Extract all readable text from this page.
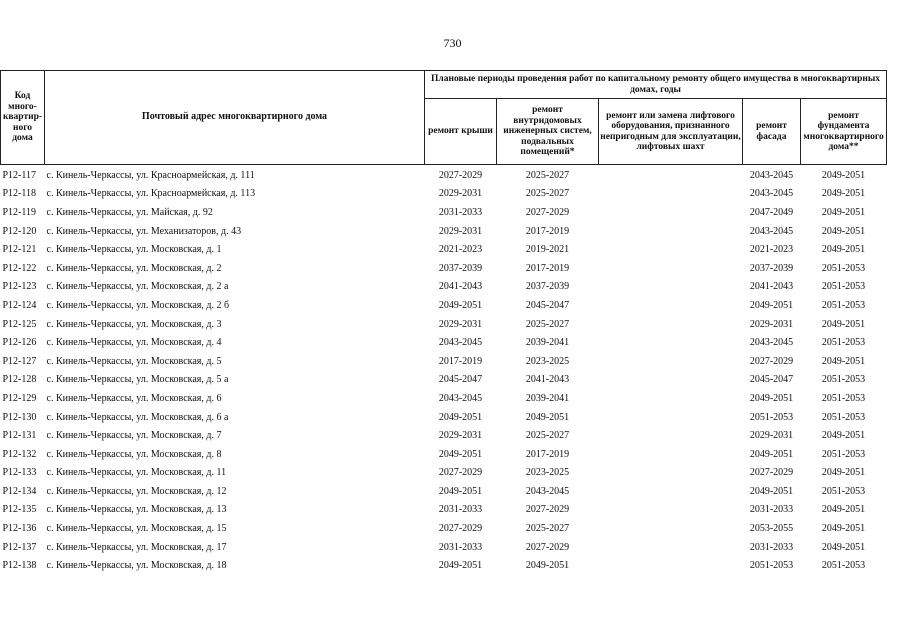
730
Код много-квартир-ного дома	Почтовый адрес многоквартирного дома	Плановые периоды проведения работ по капитальному ремонту общего имущества в многоквартирных домах, годы				
		ремонт крыши	ремонт внутридомовых инженерных систем, подвальных помещений*	ремонт или замена лифтового оборудования, признанного непригодным для эксплуатации, лифтовых шахт	ремонт фасада	ремонт фундамента многоквартирного дома**
P12-117	с. Кинель-Черкассы, ул. Красноармейская, д. 111	2027-2029	2025-2027		2043-2045	2049-2051
P12-118	с. Кинель-Черкассы, ул. Красноармейская, д. 113	2029-2031	2025-2027		2043-2045	2049-2051
P12-119	с. Кинель-Черкассы, ул. Майская, д. 92	2031-2033	2027-2029		2047-2049	2049-2051
P12-120	с. Кинель-Черкассы, ул. Механизаторов, д. 43	2029-2031	2017-2019		2043-2045	2049-2051
P12-121	с. Кинель-Черкассы, ул. Московская, д. 1	2021-2023	2019-2021		2021-2023	2049-2051
P12-122	с. Кинель-Черкассы, ул. Московская, д. 2	2037-2039	2017-2019		2037-2039	2051-2053
P12-123	с. Кинель-Черкассы, ул. Московская, д. 2 а	2041-2043	2037-2039		2041-2043	2051-2053
P12-124	с. Кинель-Черкассы, ул. Московская, д. 2 б	2049-2051	2045-2047		2049-2051	2051-2053
P12-125	с. Кинель-Черкассы, ул. Московская, д. 3	2029-2031	2025-2027		2029-2031	2049-2051
P12-126	с. Кинель-Черкассы, ул. Московская, д. 4	2043-2045	2039-2041		2043-2045	2051-2053
P12-127	с. Кинель-Черкассы, ул. Московская, д. 5	2017-2019	2023-2025		2027-2029	2049-2051
P12-128	с. Кинель-Черкассы, ул. Московская, д. 5 а	2045-2047	2041-2043		2045-2047	2051-2053
P12-129	с. Кинель-Черкассы, ул. Московская, д. 6	2043-2045	2039-2041		2049-2051	2051-2053
P12-130	с. Кинель-Черкассы, ул. Московская, д. 6 а	2049-2051	2049-2051		2051-2053	2051-2053
P12-131	с. Кинель-Черкассы, ул. Московская, д. 7	2029-2031	2025-2027		2029-2031	2049-2051
P12-132	с. Кинель-Черкассы, ул. Московская, д. 8	2049-2051	2017-2019		2049-2051	2051-2053
P12-133	с. Кинель-Черкассы, ул. Московская, д. 11	2027-2029	2023-2025		2027-2029	2049-2051
P12-134	с. Кинель-Черкассы, ул. Московская, д. 12	2049-2051	2043-2045		2049-2051	2051-2053
P12-135	с. Кинель-Черкассы, ул. Московская, д. 13	2031-2033	2027-2029		2031-2033	2049-2051
P12-136	с. Кинель-Черкассы, ул. Московская, д. 15	2027-2029	2025-2027		2053-2055	2049-2051
P12-137	с. Кинель-Черкассы, ул. Московская, д. 17	2031-2033	2027-2029		2031-2033	2049-2051
P12-138	с. Кинель-Черкассы, ул. Московская, д. 18	2049-2051	2049-2051		2051-2053	2051-2053
